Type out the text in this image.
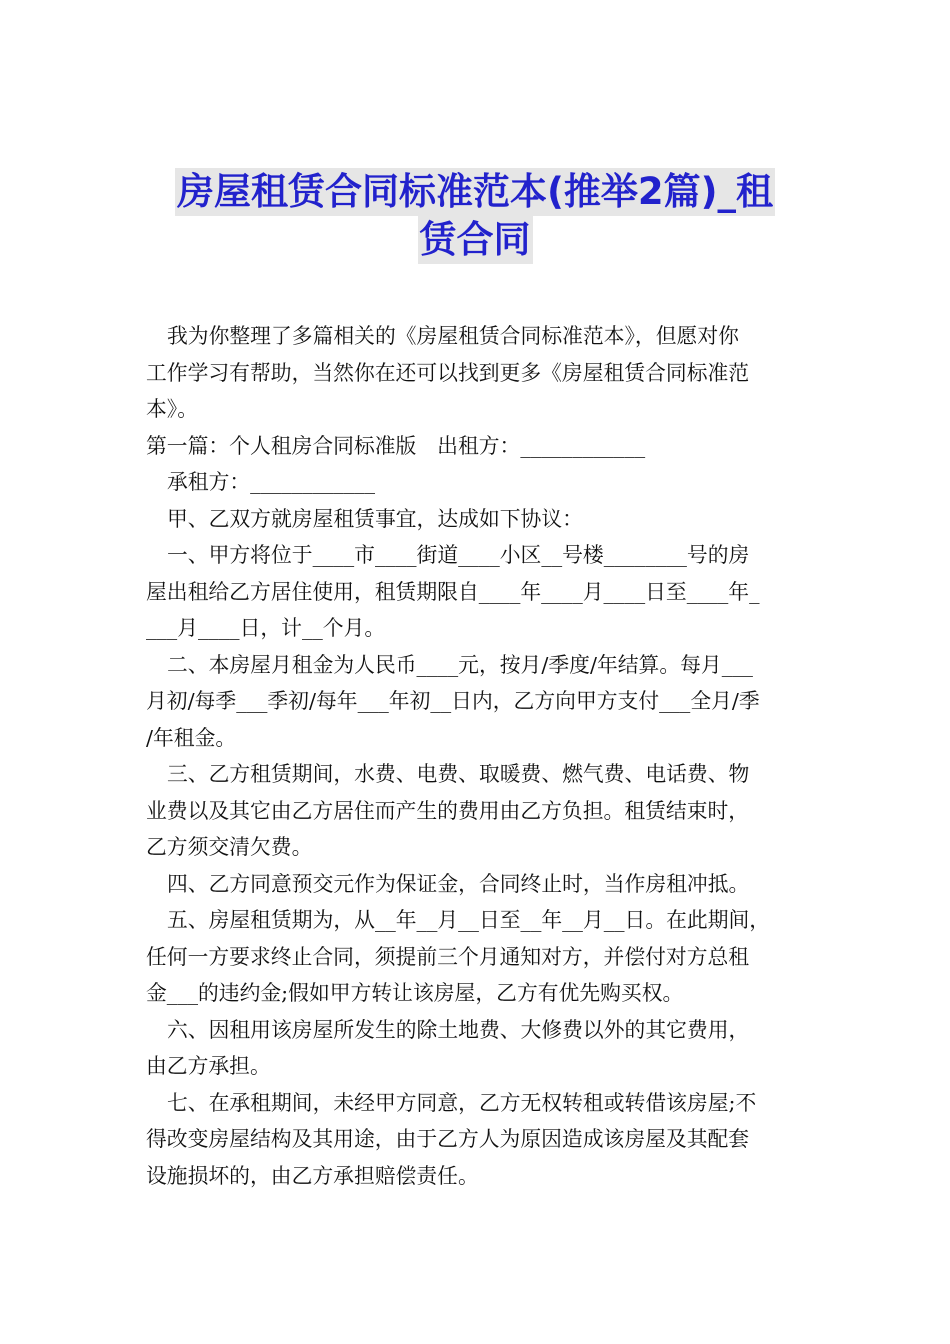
房屋租赁合同标准范本(推举2篇)_租
赁合同
我为你整理了多篇相关的《房屋租赁合同标准范本》，但愿对你
工作学习有帮助，当然你在还可以找到更多《房屋租赁合同标准范
本》。
第一篇：个人租房合同标准版　出租方：____________
承租方：____________
甲、乙双方就房屋租赁事宜，达成如下协议：
一、甲方将位于____市____街道____小区__号楼________号的房
屋出租给乙方居住使用，租赁期限自____年____月____日至____年_
___月____日，计__个月。
二、本房屋月租金为人民币____元，按月/季度/年结算。每月___
月初/每季___季初/每年___年初__日内，乙方向甲方支付___全月/季
/年租金。
三、乙方租赁期间，水费、电费、取暖费、燃气费、电话费、物
业费以及其它由乙方居住而产生的费用由乙方负担。租赁结束时，
乙方须交清欠费。
四、乙方同意预交元作为保证金，合同终止时，当作房租冲抵。
五、房屋租赁期为，从__年__月__日至__年__月__日。在此期间，
任何一方要求终止合同，须提前三个月通知对方，并偿付对方总租
金___的违约金;假如甲方转让该房屋，乙方有优先购买权。
六、因租用该房屋所发生的除土地费、大修费以外的其它费用，
由乙方承担。
七、在承租期间，未经甲方同意，乙方无权转租或转借该房屋;不
得改变房屋结构及其用途，由于乙方人为原因造成该房屋及其配套
设施损坏的，由乙方承担赔偿责任。
